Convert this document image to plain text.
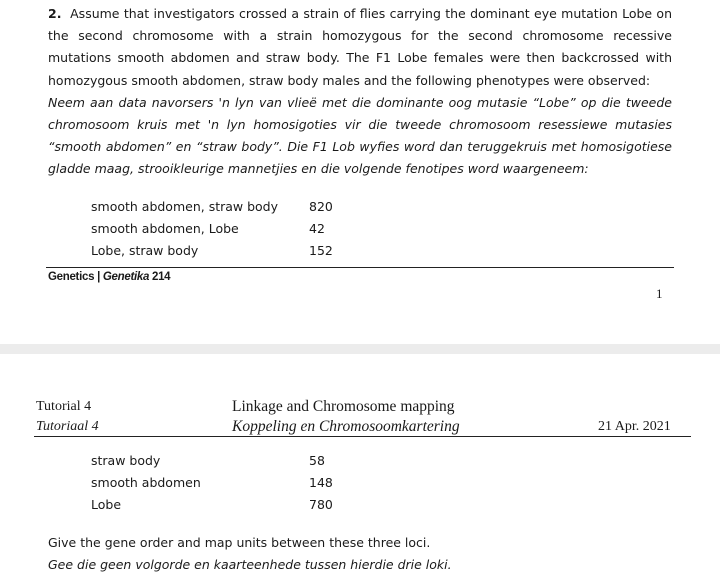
2. Assume that investigators crossed a strain of flies carrying the dominant eye mutation Lobe on the second chromosome with a strain homozygous for the second chromosome recessive mutations smooth abdomen and straw body. The F1 Lobe females were then backcrossed with homozygous smooth abdomen, straw body males and the following phenotypes were observed:
Neem aan data navorsers 'n lyn van vlieë met die dominante oog mutasie “Lobe” op die tweede chromosoom kruis met 'n lyn homosigoties vir die tweede chromosoom resessiewe mutasies “smooth abdomen” en “straw body”. Die F1 Lob wyfies word dan teruggekruis met homosigotiese gladde maag, strooikleurige mannetjies en die volgende fenotipes word waargeneem:
smooth abdomen, straw body 820
smooth abdomen, Lobe	42
Lobe, straw body	152
Genetics | Genetika 214
1
Tutorial 4
Tutoriaal 4
Linkage and Chromosome mapping
Koppeling en Chromosoomkartering	21 Apr. 2021
straw body	58
smooth abdomen	148
Lobe	780
Give the gene order and map units between these three loci.
Gee die geen volgorde en kaarteenhede tussen hierdie drie loki.
